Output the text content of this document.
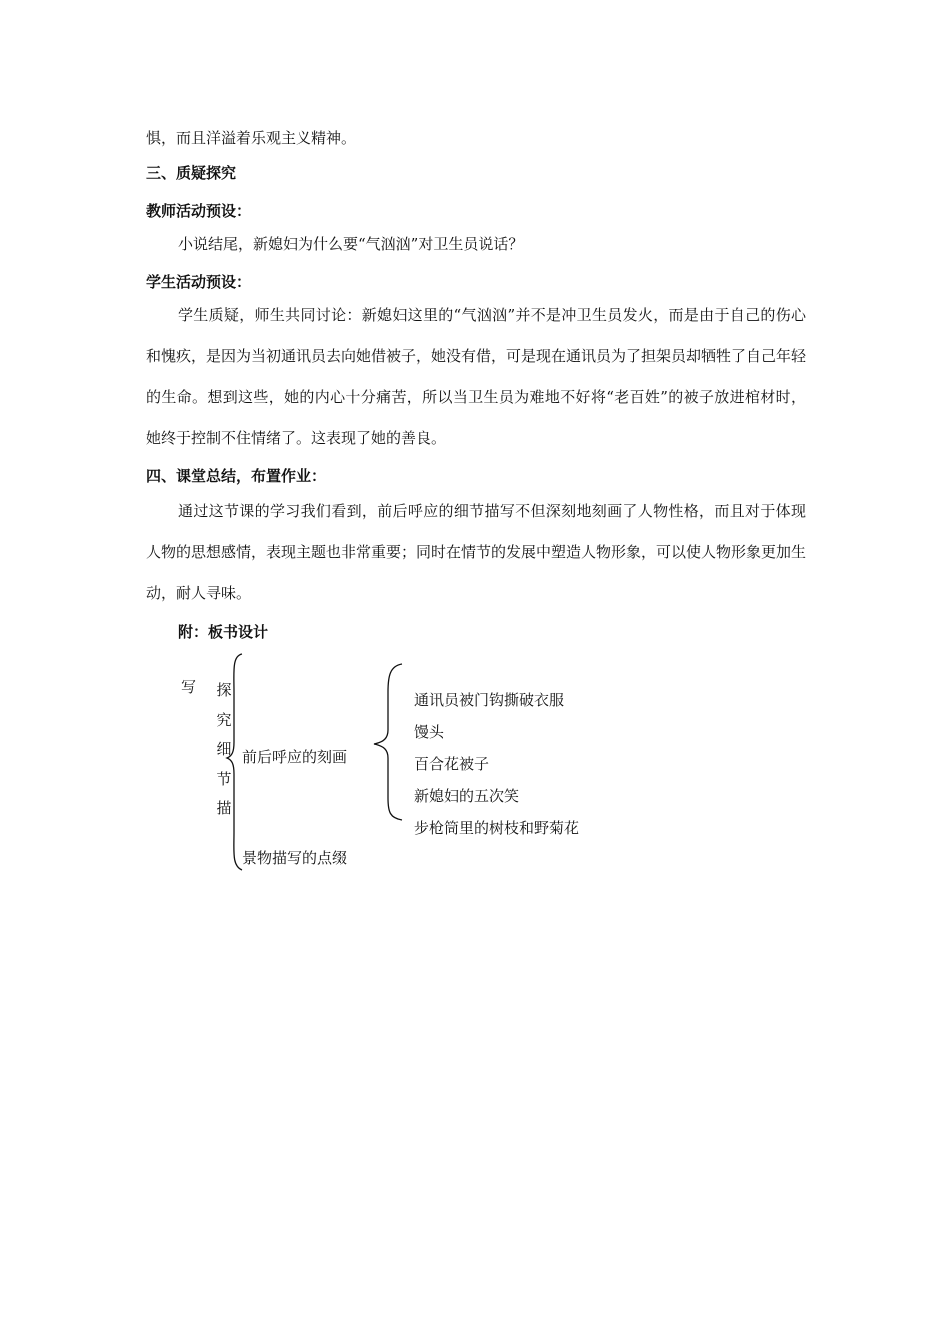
惧，而且洋溢着乐观主义精神。
三、质疑探究
教师活动预设：
小说结尾，新媳妇为什么要“气汹汹”对卫生员说话？
学生活动预设：
学生质疑，师生共同讨论：新媳妇这里的“气汹汹”并不是冲卫生员发火，而是由于自己的伤心和愧疚，是因为当初通讯员去向她借被子，她没有借，可是现在通讯员为了担架员却牺牲了自己年轻的生命。想到这些，她的内心十分痛苦，所以当卫生员为难地不好将“老百姓”的被子放进棺材时，她终于控制不住情绪了。这表现了她的善良。
四、课堂总结，布置作业：
通过这节课的学习我们看到，前后呼应的细节描写不但深刻地刻画了人物性格，而且对于体现人物的思想感情，表现主题也非常重要；同时在情节的发展中塑造人物形象，可以使人物形象更加生动，耐人寻味。
附：板书设计
写 探
究
细
节
描
前后呼应的刻画
景物描写的点缀
通讯员被门钩撕破衣服
馒头
百合花被子
新媳妇的五次笑
步枪筒里的树枝和野菊花
